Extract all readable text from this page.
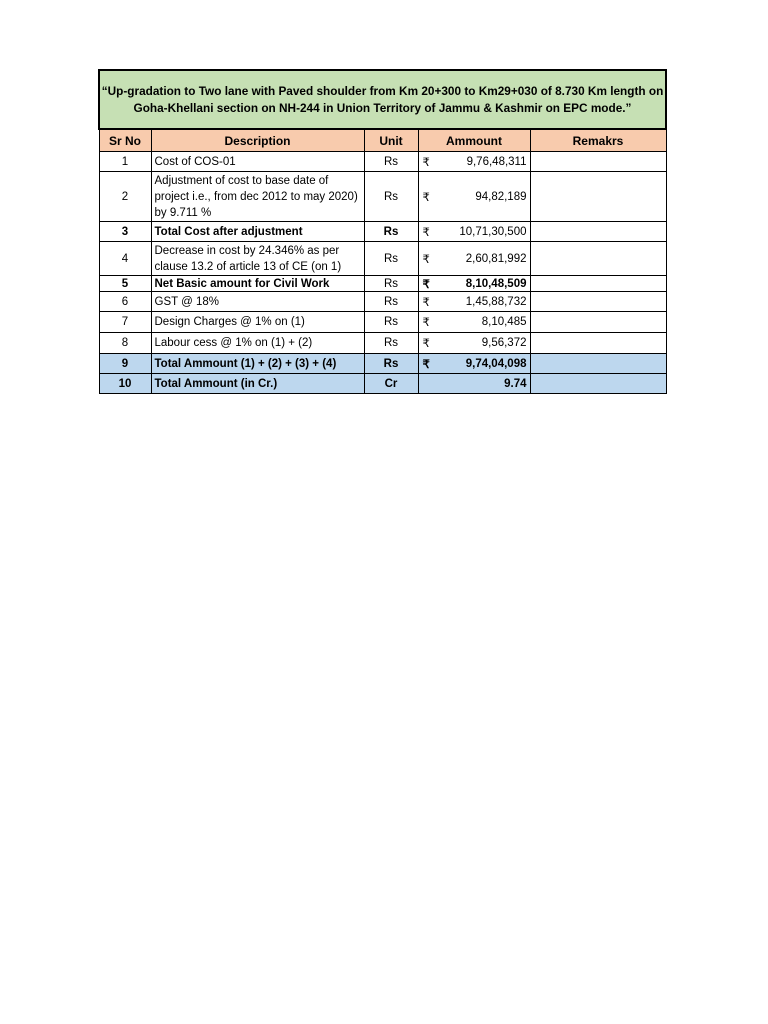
“Up-gradation to Two lane with Paved shoulder from Km 20+300 to Km29+030 of 8.730 Km length on Goha-Khellani section on NH-244 in Union Territory of Jammu & Kashmir on EPC mode.”					
Sr No	Description	Unit	Ammount		Remakrs
1	Cost of COS-01	Rs	₹	9,76,48,311	
2	Adjustment of cost to base date of project i.e., from dec 2012 to may 2020) by 9.711 %	Rs	₹	94,82,189	
3	Total Cost after adjustment	Rs	₹	10,71,30,500	
4	Decrease in cost by 24.346% as per clause 13.2 of article 13 of CE (on 1)	Rs	₹	2,60,81,992	
5	Net Basic amount for Civil Work	Rs	₹	8,10,48,509	
6	GST @ 18%	Rs	₹	1,45,88,732	
7	Design Charges @ 1% on (1)	Rs	₹	8,10,485	
8	Labour cess @ 1% on (1) + (2)	Rs	₹	9,56,372	
9	Total Ammount (1) + (2) + (3) + (4)	Rs	₹	9,74,04,098	
10	Total Ammount (in Cr.)	Cr	9.74		
